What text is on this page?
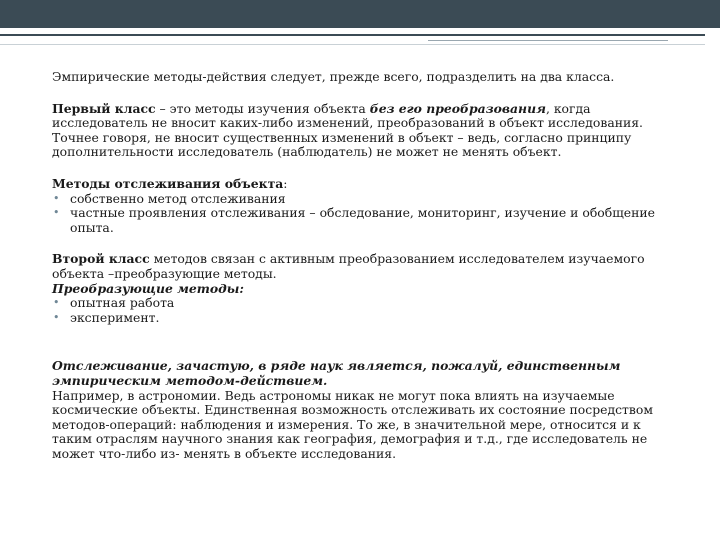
Эмпирические методы-действия следует, прежде всего, подразделить на два класса.

Первый класс – это методы изучения объекта без его преобразования, когда исследователь не вносит каких-либо изменений, преобразований в объект исследования. Точнее говоря, не вносит существенных изменений в объект – ведь, согласно принципу дополнительности исследователь (наблюдатель) не может не менять объект.

Методы отслеживания объекта:

• собственно метод отслеживания
• частные проявления отслеживания – обследование, мониторинг, изучение и обобщение опыта.

Второй класс методов связан с активным преобразованием исследователем изучаемого объекта –преобразующие методы.

Преобразующие методы:

• опытная работа
• эксперимент.

Отслеживание, зачастую, в ряде наук является, пожалуй, единственным эмпирическим методом-действием.

Например, в астрономии. Ведь астрономы никак не могут пока влиять на изучаемые космические объекты. Единственная возможность отслеживать их состояние посредством методов-операций: наблюдения и измерения. То же, в значительной мере, относится и к таким отраслям научного знания как география, демография и т.д., где исследователь не может что-либо из- менять в объекте исследования.
